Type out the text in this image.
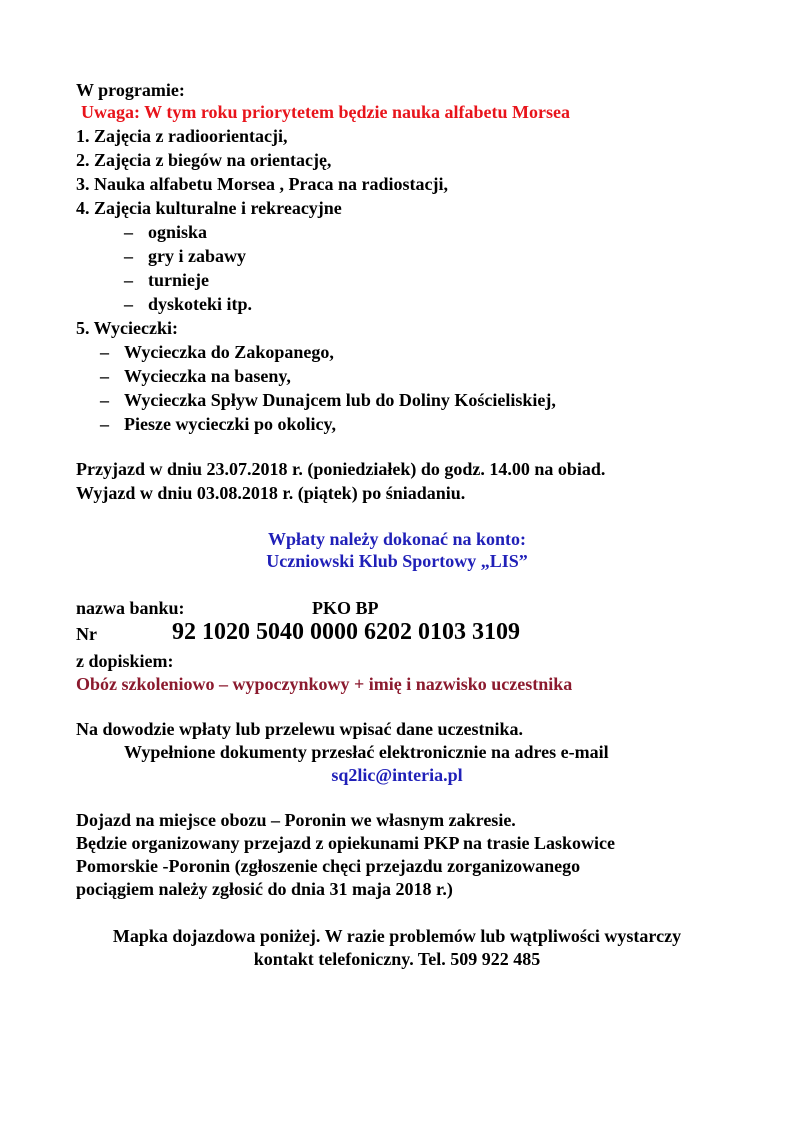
W programie:
Uwaga: W tym roku priorytetem będzie nauka alfabetu Morsea
1. Zajęcia z radioorientacji,
2. Zajęcia z biegów na orientację,
3. Nauka alfabetu Morsea , Praca na radiostacji,
4. Zajęcia kulturalne i rekreacyjne
– ogniska
– gry i zabawy
– turnieje
– dyskoteki itp.
5. Wycieczki:
– Wycieczka do Zakopanego,
– Wycieczka na baseny,
– Wycieczka Spływ Dunajcem lub do Doliny Kościeliskiej,
– Piesze wycieczki po okolicy,
Przyjazd w dniu 23.07.2018 r. (poniedziałek) do godz. 14.00 na obiad.
Wyjazd w dniu 03.08.2018 r. (piątek) po śniadaniu.
Wpłaty należy dokonać na konto:
Uczniowski Klub Sportowy „LIS”
nazwa banku:	PKO BP
Nr	92 1020 5040 0000 6202 0103 3109
z dopiskiem:
Obóz szkoleniowo – wypoczynkowy + imię i nazwisko uczestnika
Na dowodzie wpłaty lub przelewu wpisać dane uczestnika.
Wypełnione dokumenty przesłać elektronicznie na adres e-mail
sq2lic@interia.pl
Dojazd na miejsce obozu – Poronin we własnym zakresie.
Będzie organizowany przejazd z opiekunami PKP na trasie Laskowice
Pomorskie -Poronin (zgłoszenie chęci przejazdu zorganizowanego
pociągiem należy zgłosić do dnia 31 maja 2018 r.)
Mapka dojazdowa poniżej. W razie problemów lub wątpliwości wystarczy
kontakt telefoniczny. Tel. 509 922 485
